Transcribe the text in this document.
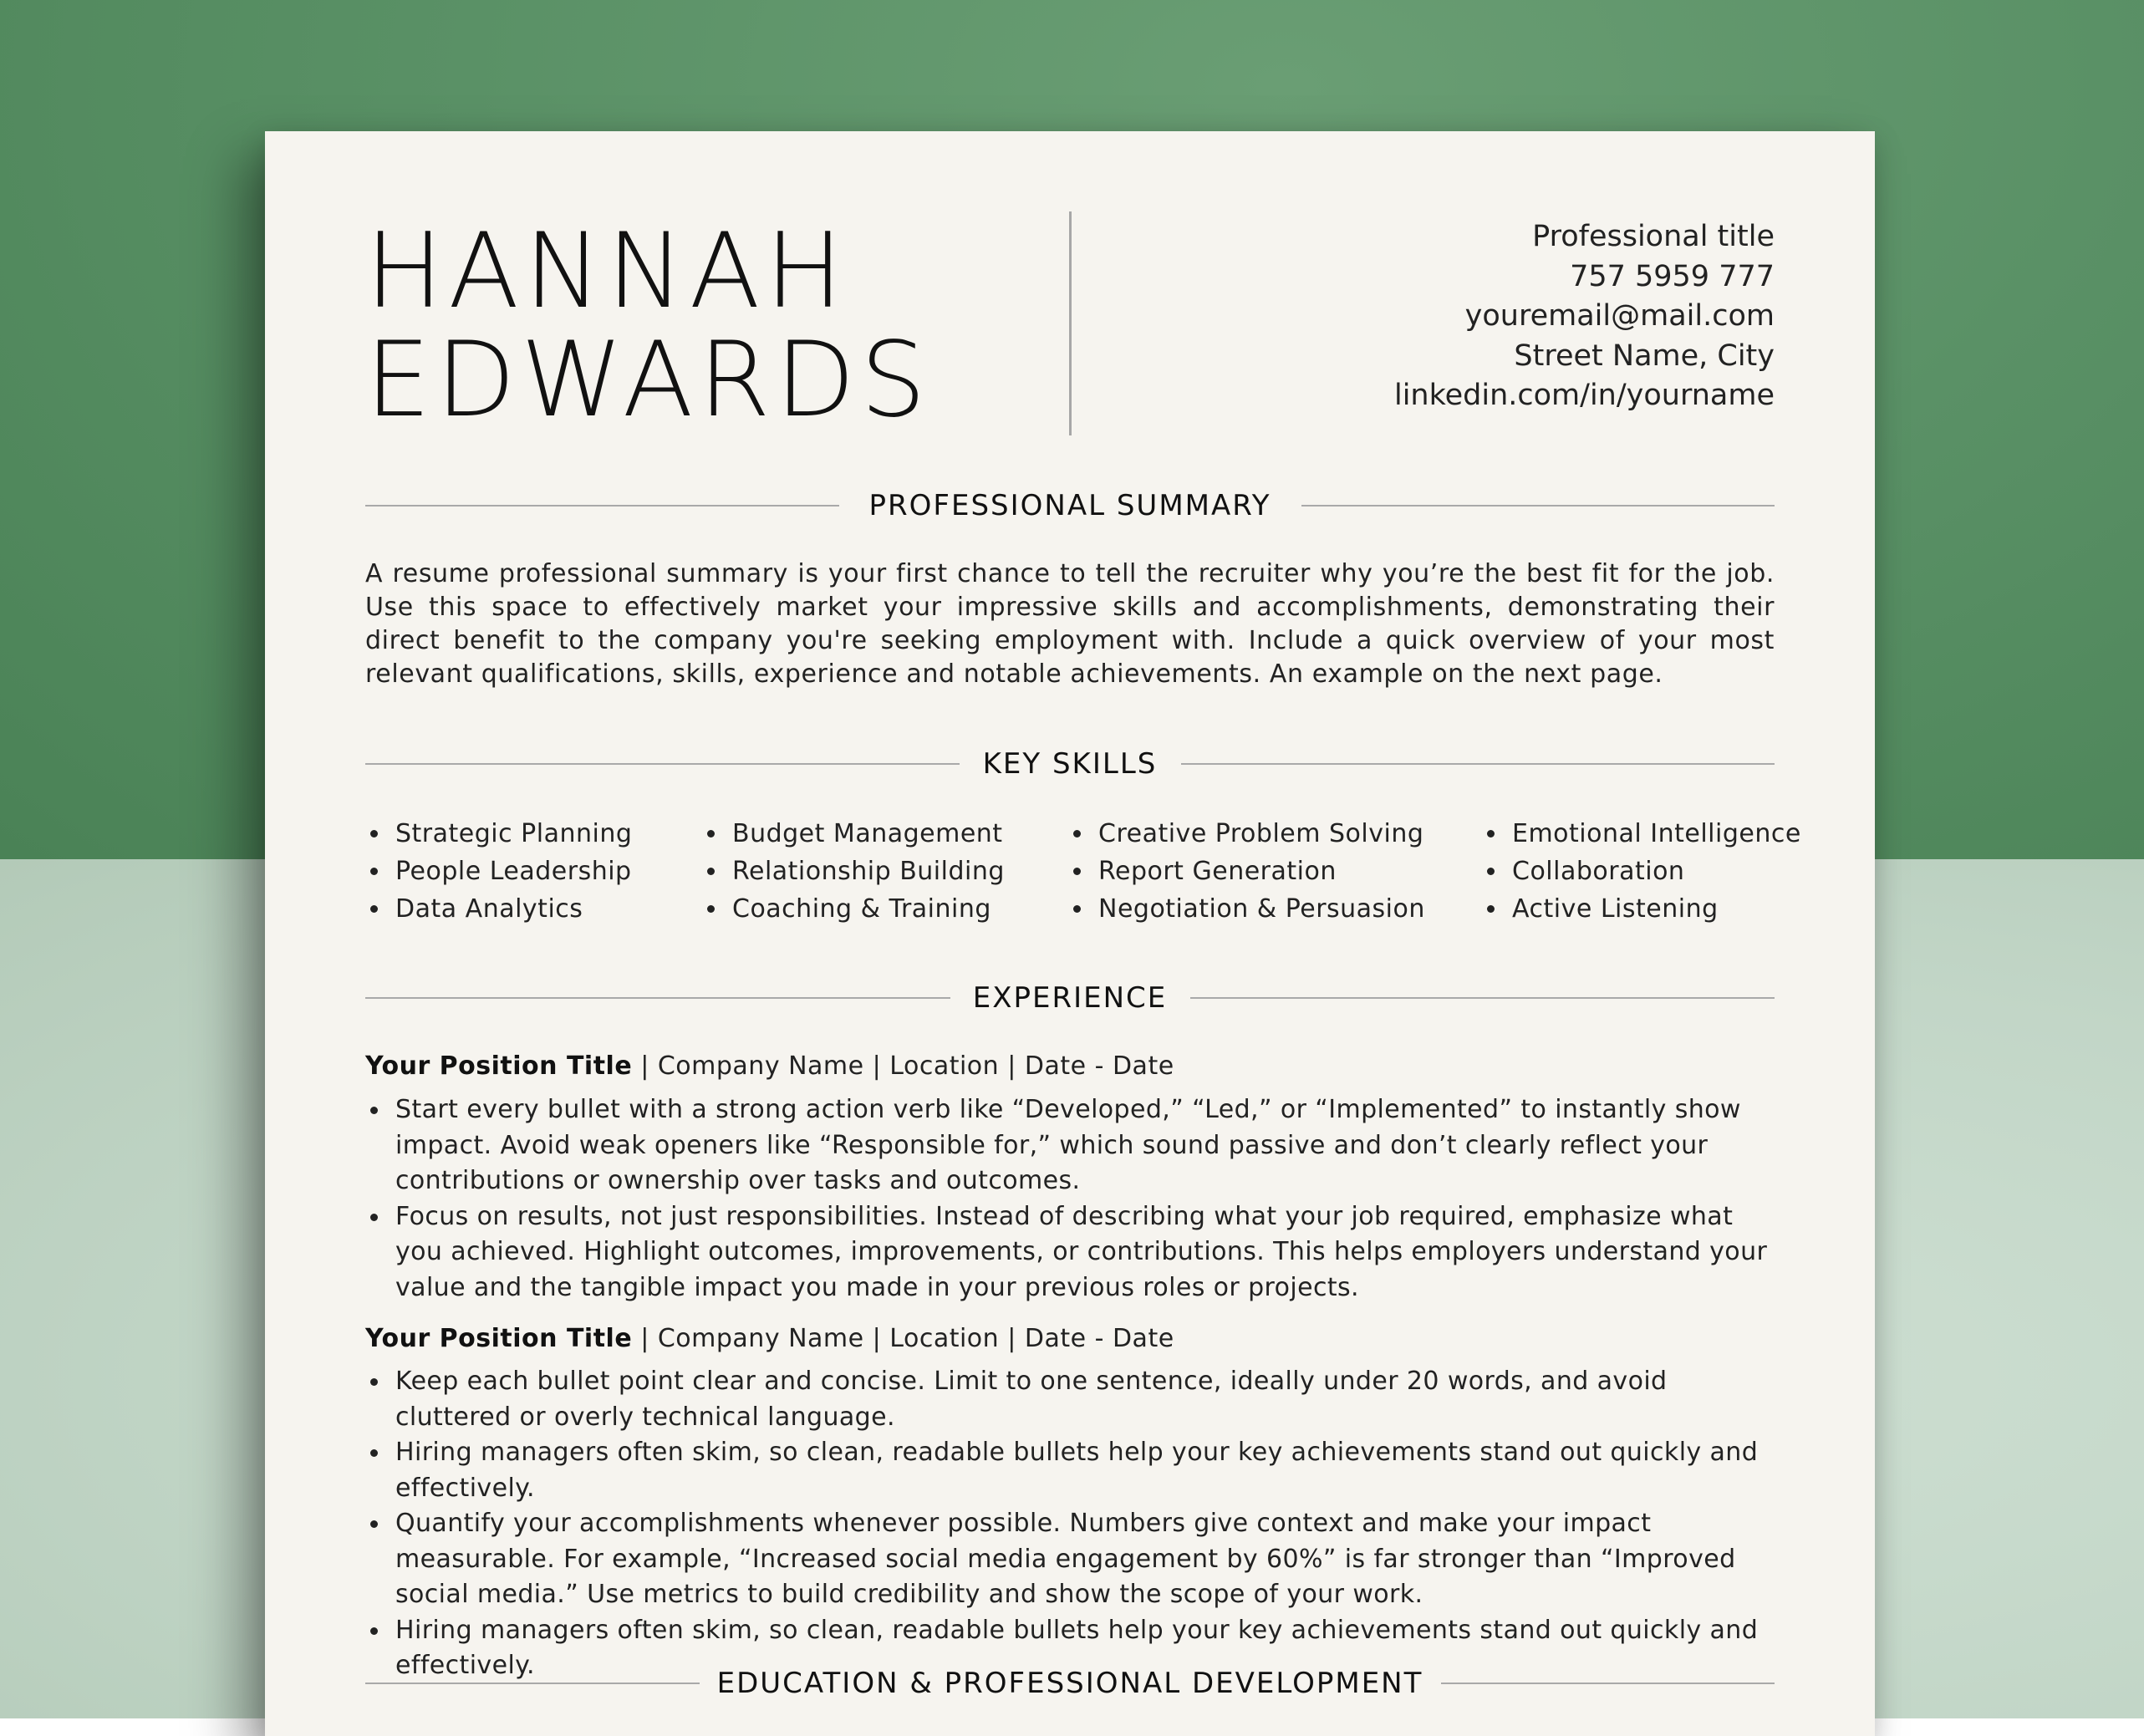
HANNAH
EDWARDS
Professional title
757 5959 777
youremail@mail.com
Street Name, City
linkedin.com/in/yourname
PROFESSIONAL SUMMARY
A resume professional summary is your first chance to tell the recruiter why you’re the best fit for the job. Use this space to effectively market your impressive skills and accomplishments, demonstrating their direct benefit to the company you're seeking employment with. Include a quick overview of your most relevant qualifications, skills, experience and notable achievements. An example on the next page.
KEY SKILLS
Strategic Planning
People Leadership
Data Analytics
Budget Management
Relationship Building
Coaching & Training
Creative Problem Solving
Report Generation
Negotiation & Persuasion
Emotional Intelligence
Collaboration
Active Listening
EXPERIENCE
Your Position Title | Company Name | Location | Date - Date
Start every bullet with a strong action verb like “Developed,” “Led,” or “Implemented” to instantly show impact. Avoid weak openers like “Responsible for,” which sound passive and don’t clearly reflect your contributions or ownership over tasks and outcomes.
Focus on results, not just responsibilities. Instead of describing what your job required, emphasize what you achieved. Highlight outcomes, improvements, or contributions. This helps employers understand your value and the tangible impact you made in your previous roles or projects.
Your Position Title | Company Name | Location | Date - Date
Keep each bullet point clear and concise. Limit to one sentence, ideally under 20 words, and avoid cluttered or overly technical language.
Hiring managers often skim, so clean, readable bullets help your key achievements stand out quickly and effectively.
Quantify your accomplishments whenever possible. Numbers give context and make your impact measurable. For example, “Increased social media engagement by 60%” is far stronger than “Improved social media.” Use metrics to build credibility and show the scope of your work.
Hiring managers often skim, so clean, readable bullets help your key achievements stand out quickly and effectively.
EDUCATION & PROFESSIONAL DEVELOPMENT
